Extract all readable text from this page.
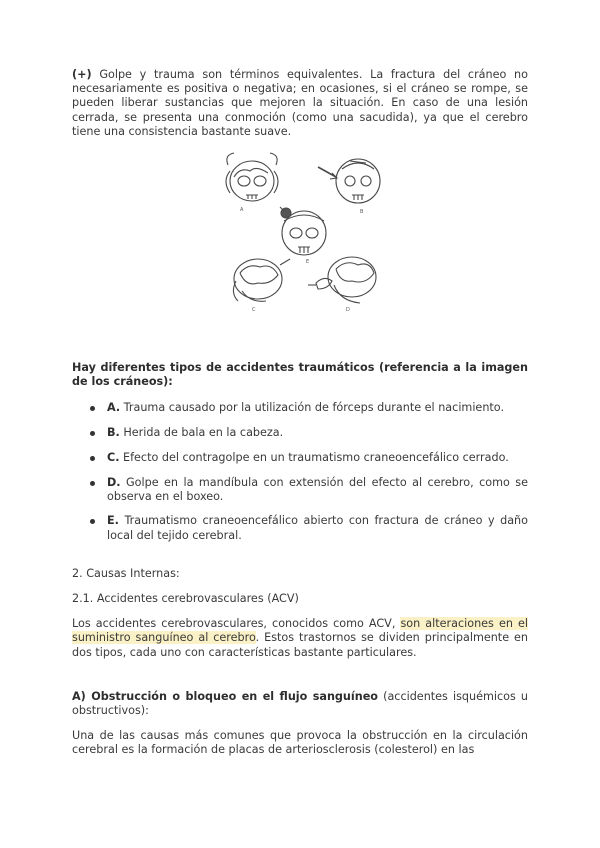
(+) Golpe y trauma son términos equivalentes. La fractura del cráneo no necesariamente es positiva o negativa; en ocasiones, si el cráneo se rompe, se pueden liberar sustancias que mejoren la situación. En caso de una lesión cerrada, se presenta una conmoción (como una sacudida), ya que el cerebro tiene una consistencia bastante suave.

A	B
C	D
E

Hay diferentes tipos de accidentes traumáticos (referencia a la imagen de los cráneos):

A. Trauma causado por la utilización de fórceps durante el nacimiento.
B. Herida de bala en la cabeza.
C. Efecto del contragolpe en un traumatismo craneoencefálico cerrado.
D. Golpe en la mandíbula con extensión del efecto al cerebro, como se observa en el boxeo.
E. Traumatismo craneoencefálico abierto con fractura de cráneo y daño local del tejido cerebral.

2. Causas Internas:

2.1. Accidentes cerebrovasculares (ACV)

Los accidentes cerebrovasculares, conocidos como ACV, son alteraciones en el suministro sanguíneo al cerebro. Estos trastornos se dividen principalmente en dos tipos, cada uno con características bastante particulares.

A) Obstrucción o bloqueo en el flujo sanguíneo (accidentes isquémicos u obstructivos):

Una de las causas más comunes que provoca la obstrucción en la circulación cerebral es la formación de placas de arteriosclerosis (colesterol) en las
